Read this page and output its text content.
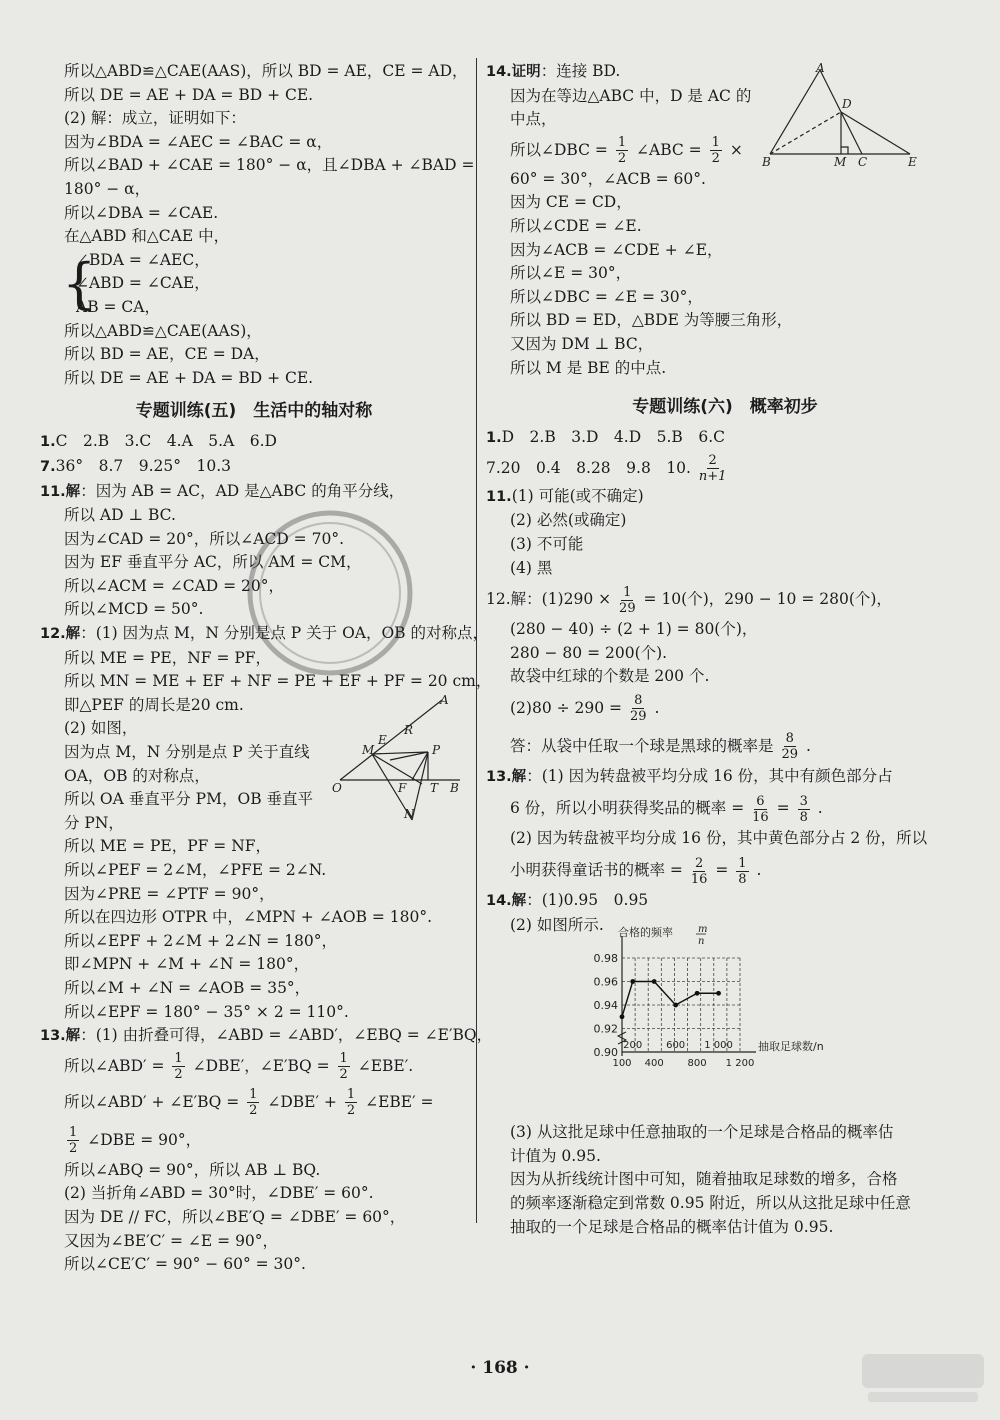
所以△ABD≌△CAE(AAS)，所以 BD = AE，CE = AD，
所以 DE = AE + DA = BD + CE.
(2) 解：成立，证明如下：
因为∠BDA = ∠AEC = ∠BAC = α，
所以∠BAD + ∠CAE = 180° − α，且∠DBA + ∠BAD =
180° − α，
所以∠DBA = ∠CAE.
在△ABD 和△CAE 中，
{
∠BDA = ∠AEC，
∠ABD = ∠CAE，
AB = CA，
所以△ABD≌△CAE(AAS)，
所以 BD = AE，CE = DA，
所以 DE = AE + DA = BD + CE.
专题训练(五)　生活中的轴对称
1.C　2.B　3.C　4.A　5.A　6.D
7.36°　8.7　9.25°　10.3
11.解：因为 AB = AC，AD 是△ABC 的角平分线，
所以 AD ⊥ BC.
因为∠CAD = 20°，所以∠ACD = 70°.
因为 EF 垂直平分 AC，所以 AM = CM，
所以∠ACM = ∠CAD = 20°，
所以∠MCD = 50°.
12.解：(1) 因为点 M，N 分别是点 P 关于 OA，OB 的对称点，
所以 ME = PE，NF = PF，
所以 MN = ME + EF + NF = PE + EF + PF = 20 cm，
即△PEF 的周长是20 cm.
(2) 如图，
因为点 M，N 分别是点 P 关于直线
OA，OB 的对称点，
所以 OA 垂直平分 PM，OB 垂直平
分 PN，
所以 ME = PE，PF = NF，
所以∠PEF = 2∠M，∠PFE = 2∠N.
因为∠PRE = ∠PTF = 90°，
所以在四边形 OTPR 中，∠MPN + ∠AOB = 180°.
所以∠EPF + 2∠M + 2∠N = 180°，
即∠MPN + ∠M + ∠N = 180°，
所以∠M + ∠N = ∠AOB = 35°，
所以∠EPF = 180° − 35° × 2 = 110°.
13.解：(1) 由折叠可得，∠ABD = ∠ABD′，∠EBQ = ∠E′BQ，
所以∠ABD′ = $\frac{1}{2}$ ∠DBE′，∠E′BQ = $\frac{1}{2}$ ∠EBE′.
所以∠ABD′ + ∠E′BQ = $\frac{1}{2}$ ∠DBE′ + $\frac{1}{2}$ ∠EBE′ =
$\frac{1}{2}$ ∠DBE = 90°，
所以∠ABQ = 90°，所以 AB ⊥ BQ.
(2) 当折角∠ABD = 30°时，∠DBE′ = 60°.
因为 DE // FC，所以∠BE′Q = ∠DBE′ = 60°，
又因为∠BE′C′ = ∠E = 90°，
所以∠CE′C′ = 90° − 60° = 30°.
A
M
R
E
P
O	F T B
N
14.证明：连接 BD.
因为在等边△ABC 中，D 是 AC 的
中点，
所以∠DBC = $\frac{1}{2}$ ∠ABC = $\frac{1}{2}$ ×
60° = 30°，∠ACB = 60°.
因为 CE = CD，
所以∠CDE = ∠E.
因为∠ACB = ∠CDE + ∠E，
所以∠E = 30°，
所以∠DBC = ∠E = 30°，
所以 BD = ED，△BDE 为等腰三角形，
又因为 DM ⊥ BC，
所以 M 是 BE 的中点.
专题训练(六)　概率初步
1.D　2.B　3.D　4.D　5.B　6.C
7.20　0.4　8.28　9.8　10. $\frac{2}{n+1}$
11.(1) 可能(或不确定)
(2) 必然(或确定)
(3) 不可能
(4) 黑
12.解：$(1)290 \times \frac{1}{29} = 10$(个)，290 − 10 = 280(个)，
(280 − 40) ÷ (2 + 1) = 80(个)，
280 − 80 = 200(个).
故袋中红球的个数是 200 个.
$(2)80 \div 290 = \frac{8}{29}$ .
答：从袋中任取一个球是黑球的概率是 $\frac{8}{29}$ .
13.解：(1) 因为转盘被平均分成 16 份，其中有颜色部分占
6 份，所以小明获得奖品的概率 = $\frac{6}{16} = \frac{3}{8}$ .
(2) 因为转盘被平均分成 16 份，其中黄色部分占 2 份，所以
小明获得童话书的概率 = $\frac{2}{16} = \frac{1}{8}$ .
14.解：(1)0.95　0.95
(2) 如图所示.
(3) 从这批足球中任意抽取的一个足球是合格品的概率估
计值为 0.95.
因为从折线统计图中可知，随着抽取足球数的增多，合格
的频率逐渐稳定到常数 0.95 附近，所以从这批足球中任意
抽取的一个足球是合格品的概率估计值为 0.95.
A
D
B	M C	E
0.98
0.96
0.94
0.92
0.90
合格的频率	m
n
抽取足球数/n
200 600 1 000
100 400 800 1 200
· 168 ·
